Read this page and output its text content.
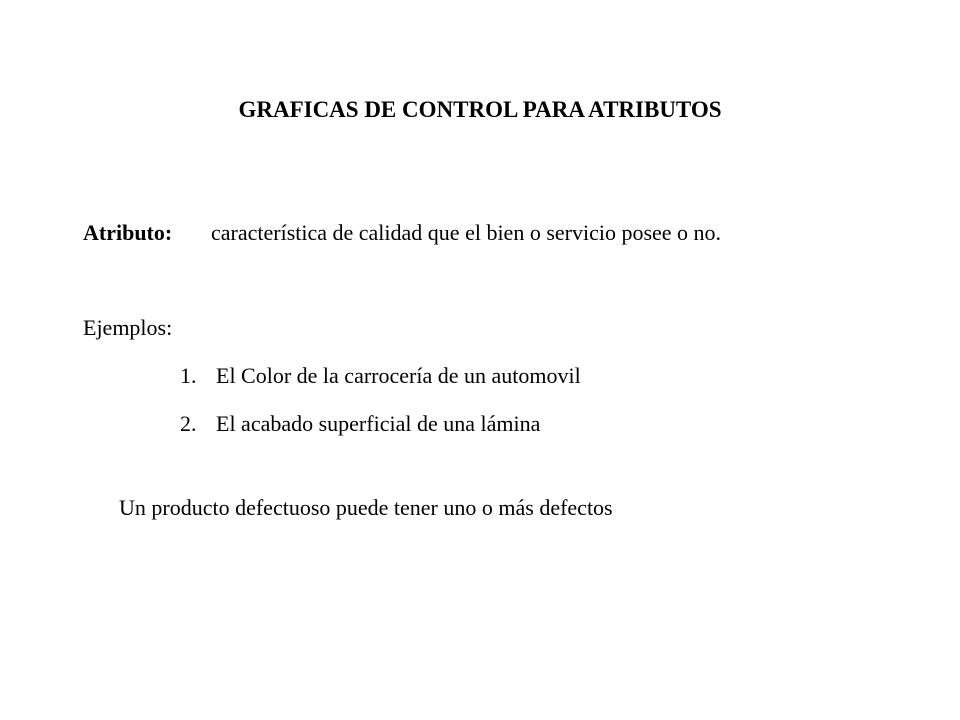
GRAFICAS DE CONTROL PARA ATRIBUTOS
Atributo: característica de calidad que el bien o servicio posee o no.
Ejemplos:
1. El Color de la carrocería de un automovil
2. El acabado superficial de una lámina
Un producto defectuoso puede tener uno o más defectos
